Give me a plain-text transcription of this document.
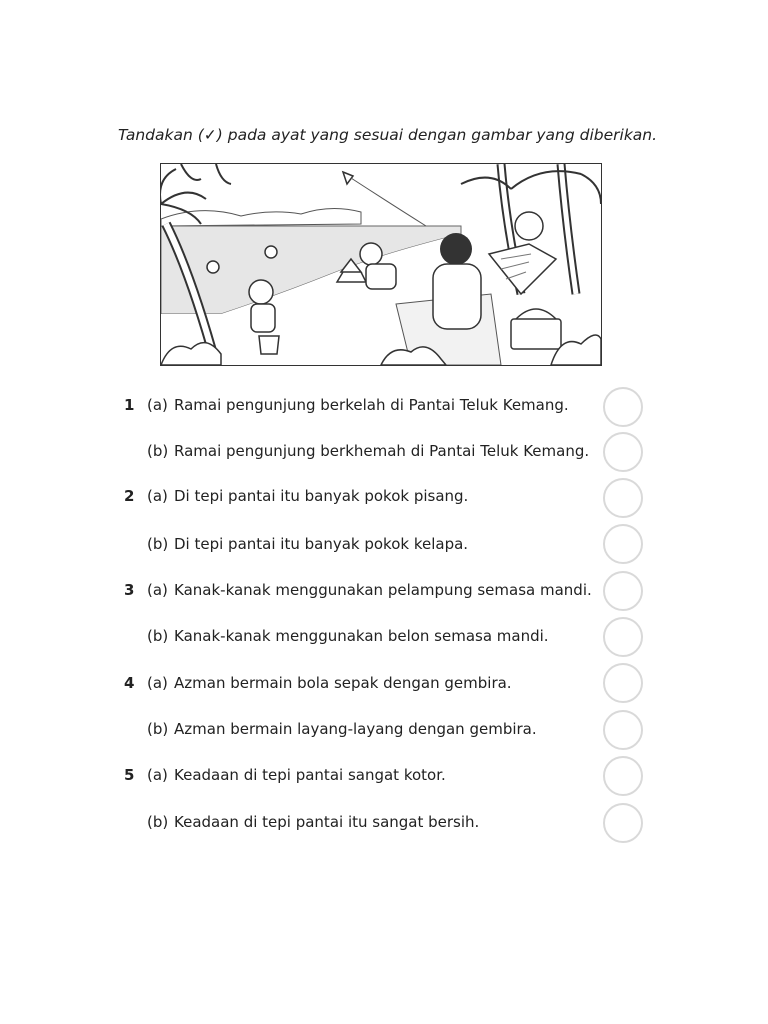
Tandakan (✓) pada ayat yang sesuai dengan gambar yang diberikan.
1 (a) Ramai pengunjung berkelah di Pantai Teluk Kemang.
(b) Ramai pengunjung berkhemah di Pantai Teluk Kemang.
2 (a) Di tepi pantai itu banyak pokok pisang.
(b) Di tepi pantai itu banyak pokok kelapa.
3 (a) Kanak-kanak menggunakan pelampung semasa mandi.
(b) Kanak-kanak menggunakan belon semasa mandi.
4 (a) Azman bermain bola sepak dengan gembira.
(b) Azman bermain layang-layang dengan gembira.
5 (a) Keadaan di tepi pantai sangat kotor.
(b) Keadaan di tepi pantai itu sangat bersih.
